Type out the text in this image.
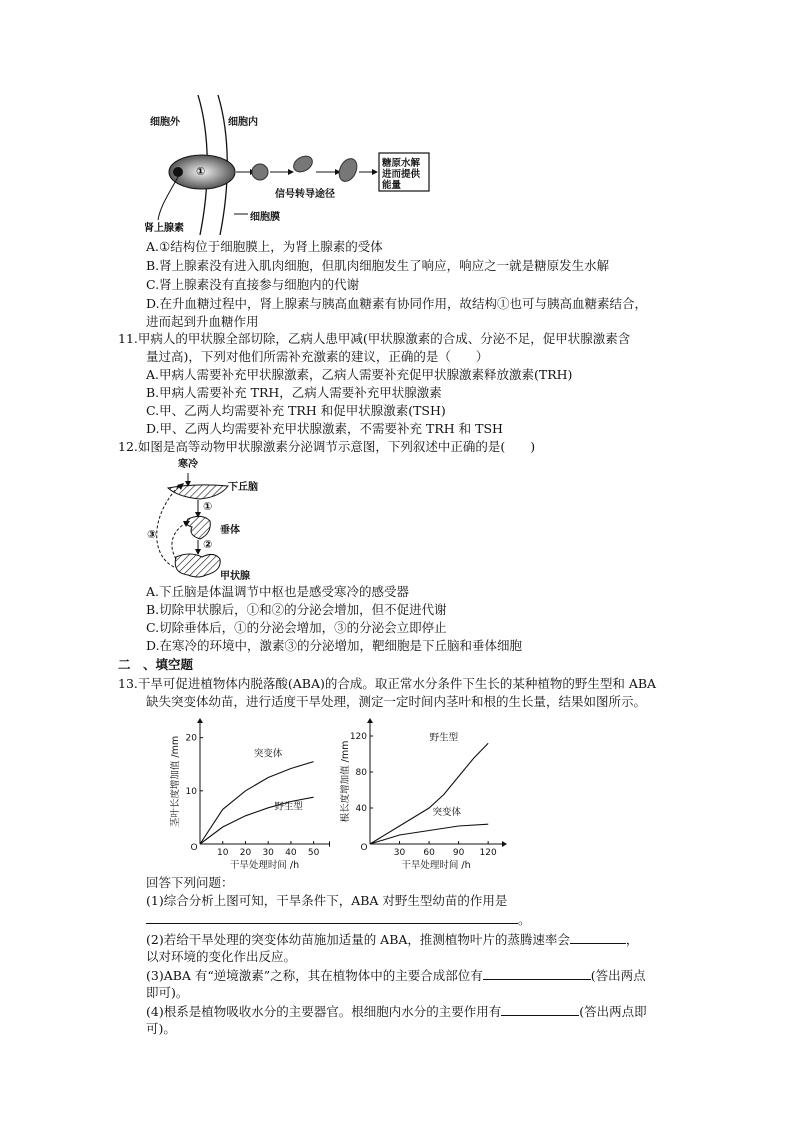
细胞外	细胞内
①
信号转导途径
糖原水解
进而提供
能量
肾上腺素
细胞膜
A.①结构位于细胞膜上，为肾上腺素的受体
B.肾上腺素没有进入肌肉细胞，但肌肉细胞发生了响应，响应之一就是糖原发生水解
C.肾上腺素没有直接参与细胞内的代谢
D.在升血糖过程中，肾上腺素与胰高血糖素有协同作用，故结构①也可与胰高血糖素结合，
进而起到升血糖作用
11.甲病人的甲状腺全部切除，乙病人患甲减(甲状腺激素的合成、分泌不足，促甲状腺激素含
量过高)，下列对他们所需补充激素的建议，正确的是（　　）
A.甲病人需要补充甲状腺激素，乙病人需要补充促甲状腺激素释放激素(TRH)
B.甲病人需要补充 TRH，乙病人需要补充甲状腺激素
C.甲、乙两人均需要补充 TRH 和促甲状腺激素(TSH)
D.甲、乙两人均需要补充甲状腺激素，不需要补充 TRH 和 TSH
12.如图是高等动物甲状腺激素分泌调节示意图，下列叙述中正确的是(　　)
寒冷
下丘脑
①
垂体
③
②
甲状腺
A.下丘脑是体温调节中枢也是感受寒冷的感受器
B.切除甲状腺后，①和②的分泌会增加，但不促进代谢
C.切除垂体后，①的分泌会增加，③的分泌会立即停止
D.在寒冷的环境中，激素③的分泌增加，靶细胞是下丘脑和垂体细胞
二　、填空题
13.干旱可促进植物体内脱落酸(ABA)的合成。取正常水分条件下生长的某种植物的野生型和 ABA
缺失突变体幼苗，进行适度干旱处理，测定一定时间内茎叶和根的生长量，结果如图所示。
10 20 30 40 50
10
20
O
干旱处理时间 /h
茎叶长度增加值 /mm	突变体
野生型
30 60 90 120
40
80
120
O
干旱处理时间 /h
根长度增加值 /mm
野生型
突变体
回答下列问题：
(1)综合分析上图可知，干旱条件下，ABA 对野生型幼苗的作用是
。
(2)若给干旱处理的突变体幼苗施加适量的 ABA，推测植物叶片的蒸腾速率会	，
以对环境的变化作出反应。
(3)ABA 有“逆境激素”之称，其在植物体中的主要合成部位有	(答出两点
即可)。
(4)根系是植物吸收水分的主要器官。根细胞内水分的主要作用有	(答出两点即
可)。
